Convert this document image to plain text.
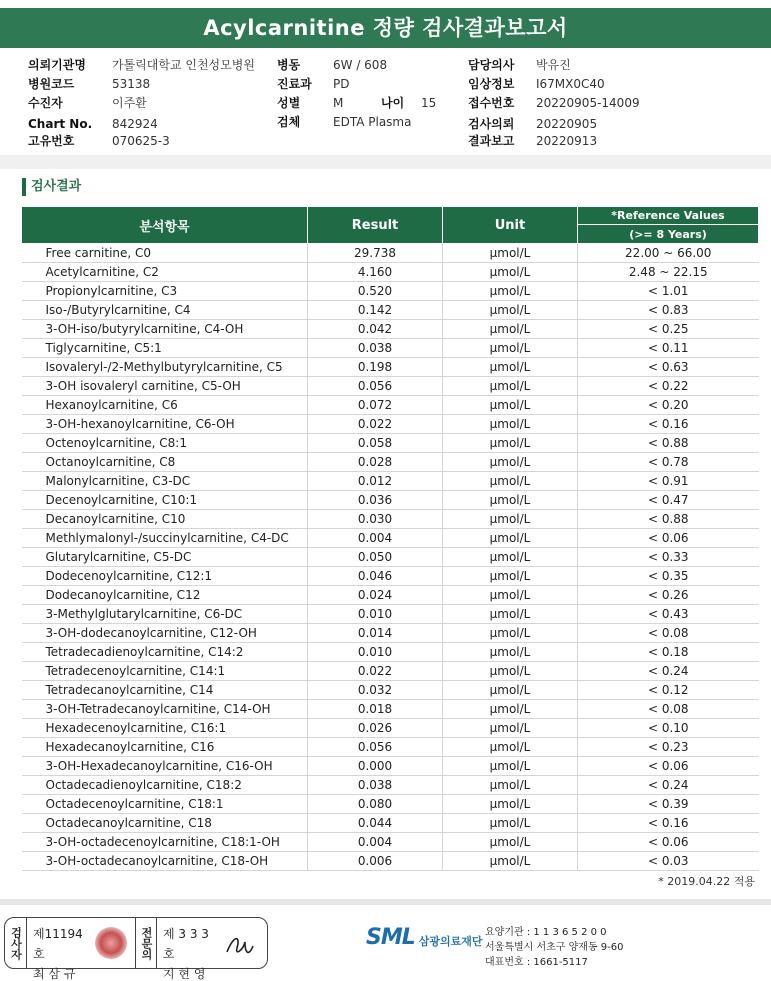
Acylcarnitine 정량 검사결과보고서
의뢰기관명 가톨릭대학교 인천성모병원
병원코드	53138
수진자	이주환
Chart No. 842924
고유번호	070625-3
병동	6W / 608
진료과 PD
성별	M	나이 15
검체	EDTA Plasma
담당의사 박유진
임상정보 I67MX0C40
접수번호 20220905-14009
검사의뢰 20220905
결과보고 20220913
검사결과
분석항목	Result	Unit	*Reference Values
			(>= 8 Years)
Free carnitine, C0	29.738	μmol/L	22.00 ~ 66.00
Acetylcarnitine, C2	4.160	μmol/L	2.48 ~ 22.15
Propionylcarnitine, C3	0.520	μmol/L	< 1.01
Iso-/Butyrylcarnitine, C4	0.142	μmol/L	< 0.83
3-OH-iso/butyrylcarnitine, C4-OH	0.042	μmol/L	< 0.25
Tiglycarnitine, C5:1	0.038	μmol/L	< 0.11
Isovaleryl-/2-Methylbutyrylcarnitine, C5	0.198	μmol/L	< 0.63
3-OH isovaleryl carnitine, C5-OH	0.056	μmol/L	< 0.22
Hexanoylcarnitine, C6	0.072	μmol/L	< 0.20
3-OH-hexanoylcarnitine, C6-OH	0.022	μmol/L	< 0.16
Octenoylcarnitine, C8:1	0.058	μmol/L	< 0.88
Octanoylcarnitine, C8	0.028	μmol/L	< 0.78
Malonylcarnitine, C3-DC	0.012	μmol/L	< 0.91
Decenoylcarnitine, C10:1	0.036	μmol/L	< 0.47
Decanoylcarnitine, C10	0.030	μmol/L	< 0.88
Methlymalonyl-/succinylcarnitine, C4-DC	0.004	μmol/L	< 0.06
Glutarylcarnitine, C5-DC	0.050	μmol/L	< 0.33
Dodecenoylcarnitine, C12:1	0.046	μmol/L	< 0.35
Dodecanoylcarnitine, C12	0.024	μmol/L	< 0.26
3-Methylglutarylcarnitine, C6-DC	0.010	μmol/L	< 0.43
3-OH-dodecanoylcarnitine, C12-OH	0.014	μmol/L	< 0.08
Tetradecadienoylcarnitine, C14:2	0.010	μmol/L	< 0.18
Tetradecenoylcarnitine, C14:1	0.022	μmol/L	< 0.24
Tetradecanoylcarnitine, C14	0.032	μmol/L	< 0.12
3-OH-Tetradecanoylcarnitine, C14-OH	0.018	μmol/L	< 0.08
Hexadecenoylcarnitine, C16:1	0.026	μmol/L	< 0.10
Hexadecanoylcarnitine, C16	0.056	μmol/L	< 0.23
3-OH-Hexadecanoylcarnitine, C16-OH	0.000	μmol/L	< 0.06
Octadecadienoylcarnitine, C18:2	0.038	μmol/L	< 0.24
Octadecenoylcarnitine, C18:1	0.080	μmol/L	< 0.39
Octadecanoylcarnitine, C18	0.044	μmol/L	< 0.16
3-OH-octadecenoylcarnitine, C18:1-OH	0.004	μmol/L	< 0.06
3-OH-octadecanoylcarnitine, C18-OH	0.006	μmol/L	< 0.03
* 2019.04.22 적용
검사자 제11194호
최 삼 규
전문의 제 3 3 3 호
지 현 영
SML 삼광의료재단
요양기관 : 1 1 3 6 5 2 0 0
서울특별시 서초구 양재동 9-60
대표번호 : 1661-5117
